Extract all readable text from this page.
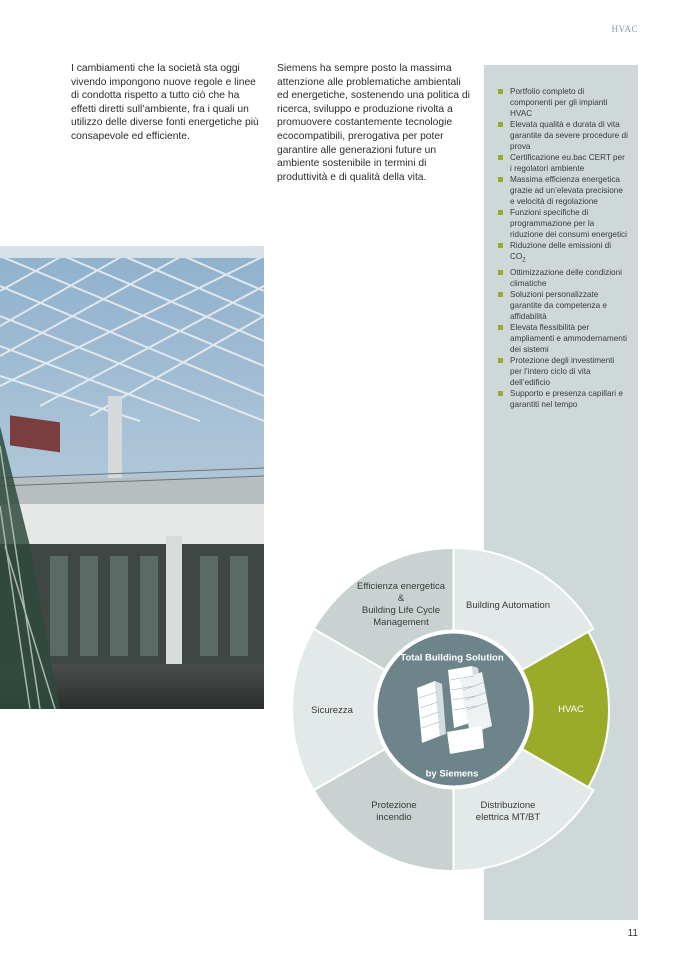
HVAC
I cambiamenti che la società sta oggi vivendo impongono nuove regole e linee di condotta rispetto a tutto ciò che ha effetti diretti sull’ambiente, fra i quali un utilizzo delle diverse fonti energetiche più consapevole ed efficiente.
Siemens ha sempre posto la massima attenzione alle problematiche ambientali ed energetiche, sostenendo una politica di ricerca, sviluppo e produzione rivolta a promuovere costantemente tecnologie ecocompatibili, prerogativa per poter garantire alle generazioni future un ambiente sostenibile in termini di produttività e di qualità della vita.
Portfolio completo di componenti per gli impianti HVAC
Elevata qualità e durata di vita garantite da severe procedure di prova
Certificazione eu.bac CERT per i regolatori ambiente
Massima efficienza energetica grazie ad un’elevata precisione e velocità di regolazione
Funzioni specifiche di programmazione per la riduzione dei consumi energetici
Riduzione delle emissioni di $CO_2$
Ottimizzazione delle condizioni climatiche
Soluzioni personalizzate garantite da competenza e affidabilità
Elevata flessibilità per ampliamenti e ammodernamenti dei sistemi
Protezione degli investimenti per l’intero ciclo di vita dell’edificio
Supporto e presenza capillari e garantiti nel tempo
Efficienza energetica
&
Building Life Cycle
Management
Building Automation
HVAC
Distribuzione
elettrica MT/BT
Protezione
incendio
Sicurezza
Total Building Solution
by Siemens
11
